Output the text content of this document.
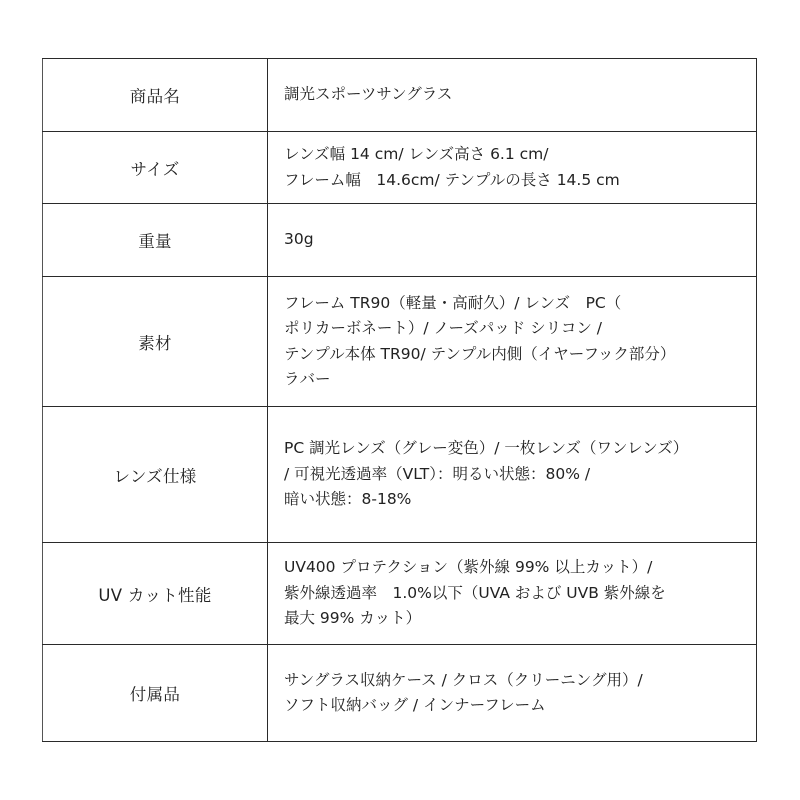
商品名	調光スポーツサングラス

サイズ	レンズ幅 14 cm/ レンズ高さ 6.1 cm/
フレーム幅　14.6cm/ テンプルの長さ 14.5 cm

重量	30g

素材	フレーム TR90（軽量・高耐久）/ レンズ　PC（
ポリカーボネート）/ ノーズパッド シリコン /
テンプル本体 TR90/ テンプル内側（イヤーフック部分）
ラバー

レンズ仕様	PC 調光レンズ（グレー変色）/ 一枚レンズ（ワンレンズ）
/ 可視光透過率（VLT）：明るい状態：80% /
暗い状態：8-18%

UV カット性能	UV400 プロテクション（紫外線 99% 以上カット）/
紫外線透過率　1.0%以下（UVA および UVB 紫外線を
最大 99% カット）

付属品	サングラス収納ケース / クロス（クリーニング用）/
ソフト収納バッグ / インナーフレーム
